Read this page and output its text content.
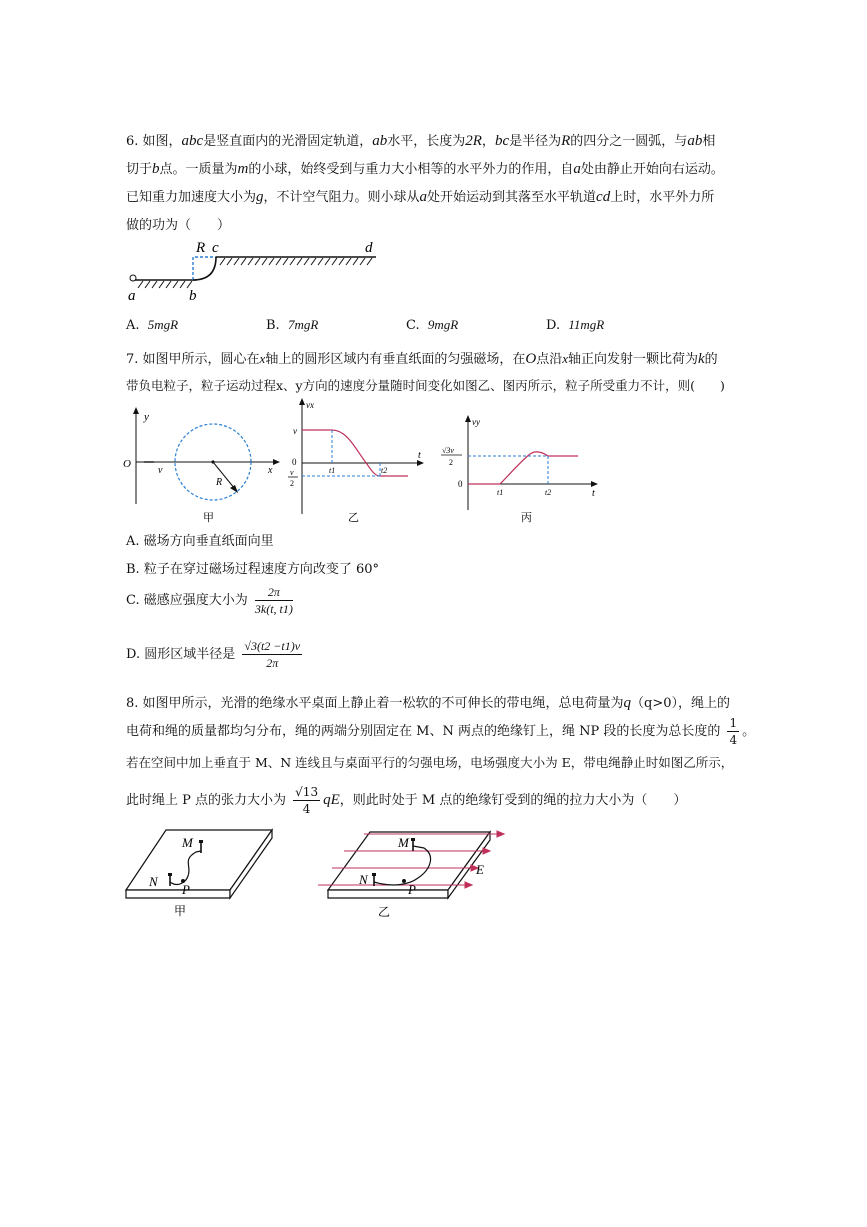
6. 如图，abc是竖直面内的光滑固定轨道，ab水平，长度为2R，bc是半径为R的四分之一圆弧，与ab相
切于b点。一质量为m的小球，始终受到与重力大小相等的水平外力的作用，自a处由静止开始向右运动。
已知重力加速度大小为g，不计空气阻力。则小球从a处开始运动到其落至水平轨道cd上时，水平外力所
做的功为（　　）
R c	d
a	b
A. 5mgR	B. 7mgR	C. 9mgR	D. 11mgR
7. 如图甲所示，圆心在x轴上的圆形区域内有垂直纸面的匀强磁场，在O点沿x轴正向发射一颗比荷为k的
带负电粒子，粒子运动过程x、y方向的速度分量随时间变化如图乙、图丙所示，粒子所受重力不计，则(　　)
y
O
v	x
R
甲
vx
v
0
v
2
t1	t2
t
乙
vy
√3v
2
0
t1	t2	t
丙
A. 磁场方向垂直纸面向里
B. 粒子在穿过磁场过程速度方向改变了 60°
C. 磁感应强度大小为 $\frac{2\pi}{3k(t, t1)}$
D. 圆形区域半径是 $\frac{√3(t2 -t1)v}{2\pi}$
8. 如图甲所示，光滑的绝缘水平桌面上静止着一松软的不可伸长的带电绳，总电荷量为q（q>0），绳上的
电荷和绳的质量都均匀分布，绳的两端分别固定在 M、N 两点的绝缘钉上，绳 NP 段的长度为总长度的 $\frac{1}{4}$ 。
若在空间中加上垂直于 M、N 连线且与桌面平行的匀强电场，电场强度大小为 E，带电绳静止时如图乙所示，
此时绳上 P 点的张力大小为 $\frac{√13}{4}$ qE，则此时处于 M 点的绝缘钉受到的绳的拉力大小为（　　）
M
N
P
甲
M
N
P
E
乙
